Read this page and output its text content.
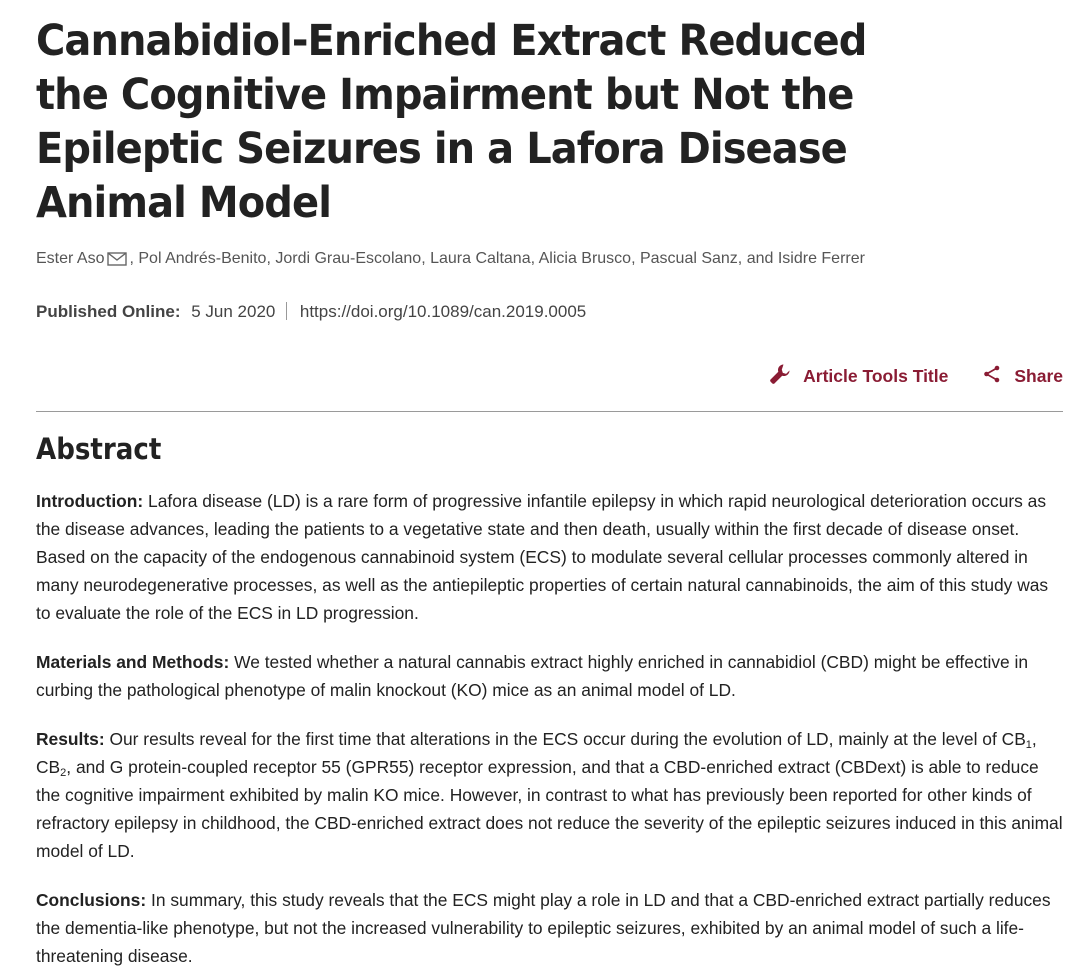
Cannabidiol-Enriched Extract Reduced the Cognitive Impairment but Not the Epileptic Seizures in a Lafora Disease Animal Model
Ester Aso , Pol Andrés-Benito, Jordi Grau-Escolano, Laura Caltana, Alicia Brusco, Pascual Sanz, and Isidre Ferrer
Published Online: 5 Jun 2020 https://doi.org/10.1089/can.2019.0005
Article Tools Title	Share
Abstract

Introduction: Lafora disease (LD) is a rare form of progressive infantile epilepsy in which rapid neurological deterioration occurs as the disease advances, leading the patients to a vegetative state and then death, usually within the first decade of disease onset. Based on the capacity of the endogenous cannabinoid system (ECS) to modulate several cellular processes commonly altered in many neurodegenerative processes, as well as the antiepileptic properties of certain natural cannabinoids, the aim of this study was to evaluate the role of the ECS in LD progression.

Materials and Methods: We tested whether a natural cannabis extract highly enriched in cannabidiol (CBD) might be effective in curbing the pathological phenotype of malin knockout (KO) mice as an animal model of LD.

Results: Our results reveal for the first time that alterations in the ECS occur during the evolution of LD, mainly at the level of $CB_1$, $CB_2$, and G protein-coupled receptor 55 (GPR55) receptor expression, and that a CBD-enriched extract (CBDext) is able to reduce the cognitive impairment exhibited by malin KO mice. However, in contrast to what has previously been reported for other kinds of refractory epilepsy in childhood, the CBD-enriched extract does not reduce the severity of the epileptic seizures induced in this animal model of LD.

Conclusions: In summary, this study reveals that the ECS might play a role in LD and that a CBD-enriched extract partially reduces the dementia-like phenotype, but not the increased vulnerability to epileptic seizures, exhibited by an animal model of such a life-threatening disease.
